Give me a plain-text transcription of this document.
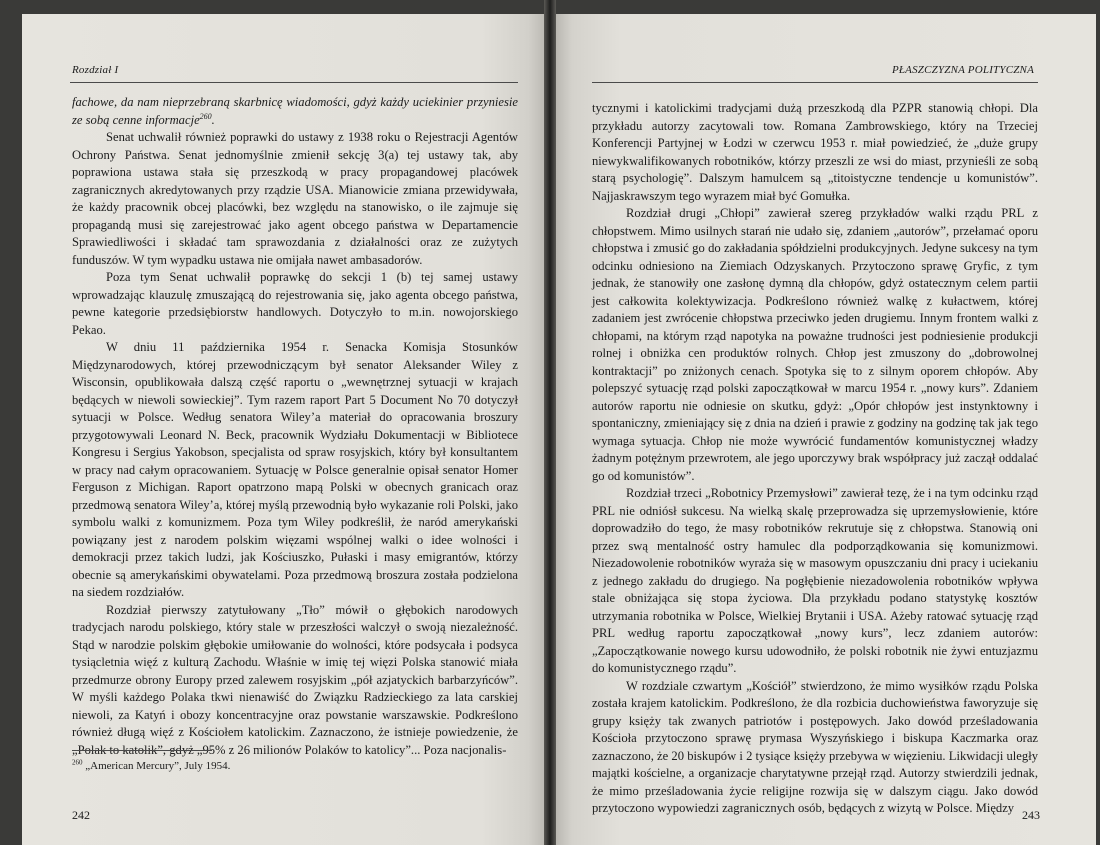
Rozdział I

fachowe, da nam nieprzebraną skarbnicę wiadomości, gdyż każdy uciekinier przyniesie ze sobą cenne informacje$^{260}$.

Senat uchwalił również poprawki do ustawy z 1938 roku o Rejestracji Agentów Ochrony Państwa. Senat jednomyślnie zmienił sekcję 3(a) tej ustawy tak, aby poprawiona ustawa stała się przeszkodą w pracy propagandowej placówek zagranicznych akredytowanych przy rządzie USA. Mianowicie zmiana przewidywała, że każdy pracownik obcej placówki, bez względu na stanowisko, o ile zajmuje się propagandą musi się zarejestrować jako agent obcego państwa w Departamencie Sprawiedliwości i składać tam sprawozdania z działalności oraz ze zużytych funduszów. W tym wypadku ustawa nie omijała nawet ambasadorów.

Poza tym Senat uchwalił poprawkę do sekcji 1 (b) tej samej ustawy wprowadzając klauzulę zmuszającą do rejestrowania się, jako agenta obcego państwa, pewne kategorie przedsiębiorstw handlowych. Dotyczyło to m.in. nowojorskiego Pekao.

W dniu 11 października 1954 r. Senacka Komisja Stosunków Międzynarodowych, której przewodniczącym był senator Aleksander Wiley z Wisconsin, opublikowała dalszą część raportu o „wewnętrznej sytuacji w krajach będących w niewoli sowieckiej”. Tym razem raport Part 5 Document No 70 dotyczył sytuacji w Polsce. Według senatora Wiley’a materiał do opracowania broszury przygotowywali Leonard N. Beck, pracownik Wydziału Dokumentacji w Bibliotece Kongresu i Sergius Yakobson, specjalista od spraw rosyjskich, który był konsultantem w pracy nad całym opracowaniem. Sytuację w Polsce generalnie opisał senator Homer Ferguson z Michigan. Raport opatrzono mapą Polski w obecnych granicach oraz przedmową senatora Wiley’a, której myślą przewodnią było wykazanie roli Polski, jako symbolu walki z komunizmem. Poza tym Wiley podkreślił, że naród amerykański powiązany jest z narodem polskim więzami wspólnej walki o idee wolności i demokracji przez takich ludzi, jak Kościuszko, Pułaski i masy emigrantów, którzy obecnie są amerykańskimi obywatelami. Poza przedmową broszura została podzielona na siedem rozdziałów.

Rozdział pierwszy zatytułowany „Tło” mówił o głębokich narodowych tradycjach narodu polskiego, który stale w przeszłości walczył o swoją niezależność. Stąd w narodzie polskim głębokie umiłowanie do wolności, które podsycała i podsyca tysiącletnia więź z kulturą Zachodu. Właśnie w imię tej więzi Polska stanowić miała przedmurze obrony Europy przed zalewem rosyjskim „pół azjatyckich barbarzyńców”. W myśli każdego Polaka tkwi nienawiść do Związku Radzieckiego za lata carskiej niewoli, za Katyń i obozy koncentracyjne oraz powstanie warszawskie. Podkreślono również długą więź z Kościołem katolickim. Zaznaczono, że istnieje powiedzenie, że „Polak to katolik”, gdyż „95% z 26 milionów Polaków to katolicy”... Poza nacjonalis-

$^{260}$ „American Mercury”, July 1954.
242
PŁASZCZYZNA POLITYCZNA

tycznymi i katolickimi tradycjami dużą przeszkodą dla PZPR stanowią chłopi. Dla przykładu autorzy zacytowali tow. Romana Zambrowskiego, który na Trzeciej Konferencji Partyjnej w Łodzi w czerwcu 1953 r. miał powiedzieć, że „duże grupy niewykwalifikowanych robotników, którzy przeszli ze wsi do miast, przynieśli ze sobą starą psychologię”. Dalszym hamulcem są „titoistyczne tendencje u komunistów”. Najjaskrawszym tego wyrazem miał być Gomułka.

Rozdział drugi „Chłopi” zawierał szereg przykładów walki rządu PRL z chłopstwem. Mimo usilnych starań nie udało się, zdaniem „autorów”, przełamać oporu chłopstwa i zmusić go do zakładania spółdzielni produkcyjnych. Jedyne sukcesy na tym odcinku odniesiono na Ziemiach Odzyskanych. Przytoczono sprawę Gryfic, z tym jednak, że stanowiły one zasłonę dymną dla chłopów, gdyż ostatecznym celem partii jest całkowita kolektywizacja. Podkreślono również walkę z kułactwem, której zadaniem jest zwrócenie chłopstwa przeciwko jeden drugiemu. Innym frontem walki z chłopami, na którym rząd napotyka na poważne trudności jest podniesienie produkcji rolnej i obniżka cen produktów rolnych. Chłop jest zmuszony do „dobrowolnej kontraktacji” po zniżonych cenach. Spotyka się to z silnym oporem chłopów. Aby polepszyć sytuację rząd polski zapoczątkował w marcu 1954 r. „nowy kurs”. Zdaniem autorów raportu nie odniesie on skutku, gdyż: „Opór chłopów jest instynktowny i spontaniczny, zmieniający się z dnia na dzień i prawie z godziny na godzinę tak jak tego wymaga sytuacja. Chłop nie może wywrócić fundamentów komunistycznej władzy żadnym potężnym przewrotem, ale jego uporczywy brak współpracy już zaczął oddalać go od komunistów”.

Rozdział trzeci „Robotnicy Przemysłowi” zawierał tezę, że i na tym odcinku rząd PRL nie odniósł sukcesu. Na wielką skalę przeprowadza się uprzemysłowienie, które doprowadziło do tego, że masy robotników rekrutuje się z chłopstwa. Stanowią oni przez swą mentalność ostry hamulec dla podporządkowania się komunizmowi. Niezadowolenie robotników wyraża się w masowym opuszczaniu dni pracy i uciekaniu z jednego zakładu do drugiego. Na pogłębienie niezadowolenia robotników wpływa stale obniżająca się stopa życiowa. Dla przykładu podano statystykę kosztów utrzymania robotnika w Polsce, Wielkiej Brytanii i USA. Ażeby ratować sytuację rząd PRL według raportu zapoczątkował „nowy kurs”, lecz zdaniem autorów: „Zapoczątkowanie nowego kursu udowodniło, że polski robotnik nie żywi entuzjazmu do komunistycznego rządu”.

W rozdziale czwartym „Kościół” stwierdzono, że mimo wysiłków rządu Polska została krajem katolickim. Podkreślono, że dla rozbicia duchowieństwa faworyzuje się grupy księży tak zwanych patriotów i postępowych. Jako dowód prześladowania Kościoła przytoczono sprawę prymasa Wyszyńskiego i biskupa Kaczmarka oraz zaznaczono, że 20 biskupów i 2 tysiące księży przebywa w więzieniu. Likwidacji uległy majątki kościelne, a organizacje charytatywne przejął rząd. Autorzy stwierdzili jednak, że mimo prześladowania życie religijne rozwija się w dalszym ciągu. Jako dowód przytoczono wypowiedzi zagranicznych osób, będących z wizytą w Polsce. Między 243
